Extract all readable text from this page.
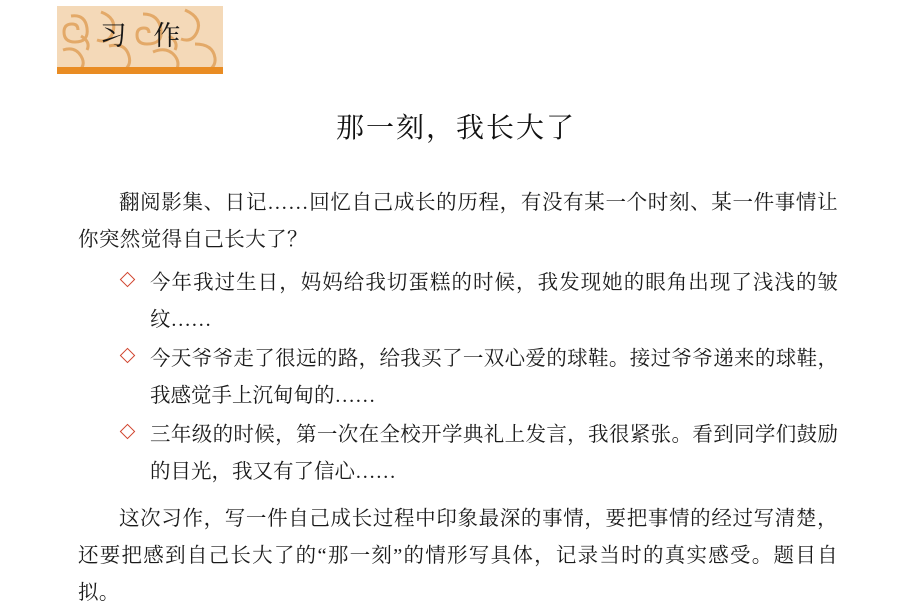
习 作
那一刻，我长大了

翻阅影集、日记……回忆自己成长的历程，有没有某一个时刻、某一件事情让你突然觉得自己长大了？

今年我过生日，妈妈给我切蛋糕的时候，我发现她的眼角出现了浅浅的皱纹……
今天爷爷走了很远的路，给我买了一双心爱的球鞋。接过爷爷递来的球鞋，我感觉手上沉甸甸的……
三年级的时候，第一次在全校开学典礼上发言，我很紧张。看到同学们鼓励的目光，我又有了信心……

这次习作，写一件自己成长过程中印象最深的事情，要把事情的经过写清楚，还要把感到自己长大了的“那一刻”的情形写具体，记录当时的真实感受。题目自拟。
